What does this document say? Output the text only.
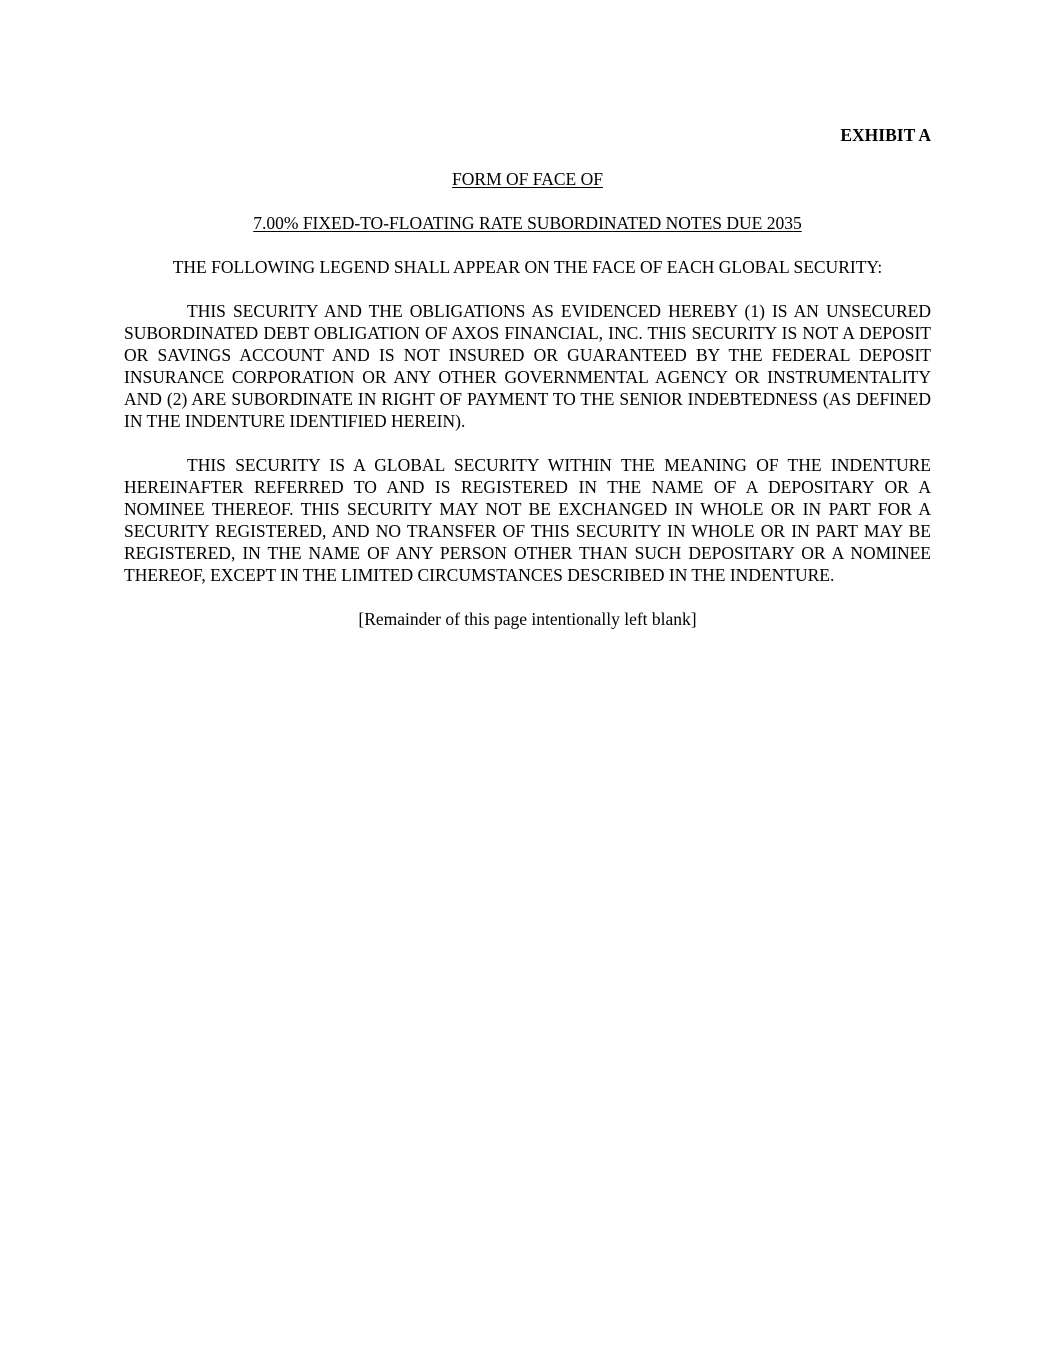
EXHIBIT A

FORM OF FACE OF

7.00% FIXED-TO-FLOATING RATE SUBORDINATED NOTES DUE 2035

THE FOLLOWING LEGEND SHALL APPEAR ON THE FACE OF EACH GLOBAL SECURITY:

THIS SECURITY AND THE OBLIGATIONS AS EVIDENCED HEREBY (1) IS AN UNSECURED SUBORDINATED DEBT OBLIGATION OF AXOS FINANCIAL, INC. THIS SECURITY IS NOT A DEPOSIT OR SAVINGS ACCOUNT AND IS NOT INSURED OR GUARANTEED BY THE FEDERAL DEPOSIT INSURANCE CORPORATION OR ANY OTHER GOVERNMENTAL AGENCY OR INSTRUMENTALITY AND (2) ARE SUBORDINATE IN RIGHT OF PAYMENT TO THE SENIOR INDEBTEDNESS (AS DEFINED IN THE INDENTURE IDENTIFIED HEREIN).

THIS SECURITY IS A GLOBAL SECURITY WITHIN THE MEANING OF THE INDENTURE HEREINAFTER REFERRED TO AND IS REGISTERED IN THE NAME OF A DEPOSITARY OR A NOMINEE THEREOF. THIS SECURITY MAY NOT BE EXCHANGED IN WHOLE OR IN PART FOR A SECURITY REGISTERED, AND NO TRANSFER OF THIS SECURITY IN WHOLE OR IN PART MAY BE REGISTERED, IN THE NAME OF ANY PERSON OTHER THAN SUCH DEPOSITARY OR A NOMINEE THEREOF, EXCEPT IN THE LIMITED CIRCUMSTANCES DESCRIBED IN THE INDENTURE.

[Remainder of this page intentionally left blank]
